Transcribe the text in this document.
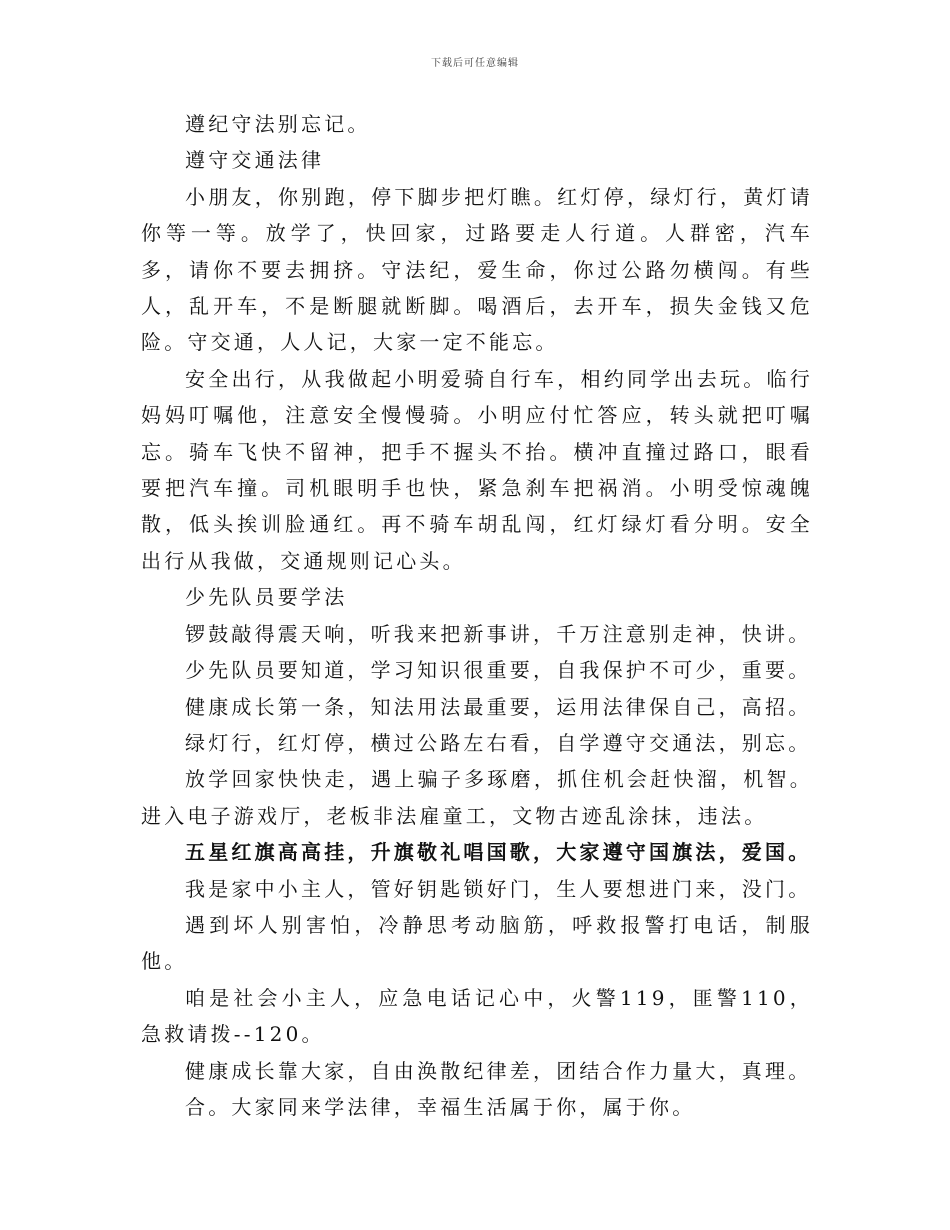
下载后可任意编辑

遵纪守法别忘记。

遵守交通法律

小朋友，你别跑，停下脚步把灯瞧。红灯停，绿灯行，黄灯请你等一等。放学了，快回家，过路要走人行道。人群密，汽车多，请你不要去拥挤。守法纪，爱生命，你过公路勿横闯。有些人，乱开车，不是断腿就断脚。喝酒后，去开车，损失金钱又危险。守交通，人人记，大家一定不能忘。

安全出行，从我做起小明爱骑自行车，相约同学出去玩。临行妈妈叮嘱他，注意安全慢慢骑。小明应付忙答应，转头就把叮嘱忘。骑车飞快不留神，把手不握头不抬。横冲直撞过路口，眼看要把汽车撞。司机眼明手也快，紧急刹车把祸消。小明受惊魂魄散，低头挨训脸通红。再不骑车胡乱闯，红灯绿灯看分明。安全出行从我做，交通规则记心头。

少先队员要学法

锣鼓敲得震天响，听我来把新事讲，千万注意别走神，快讲。

少先队员要知道，学习知识很重要，自我保护不可少，重要。

健康成长第一条，知法用法最重要，运用法律保自己，高招。

绿灯行，红灯停，横过公路左右看，自学遵守交通法，别忘。

放学回家快快走，遇上骗子多琢磨，抓住机会赶快溜，机智。进入电子游戏厅，老板非法雇童工，文物古迹乱涂抹，违法。

五星红旗高高挂，升旗敬礼唱国歌，大家遵守国旗法，爱国。

我是家中小主人，管好钥匙锁好门，生人要想进门来，没门。

遇到坏人别害怕，冷静思考动脑筋，呼救报警打电话，制服他。

咱是社会小主人，应急电话记心中，火警119，匪警110，急救请拨--120。

健康成长靠大家，自由涣散纪律差，团结合作力量大，真理。

合。大家同来学法律，幸福生活属于你，属于你。
